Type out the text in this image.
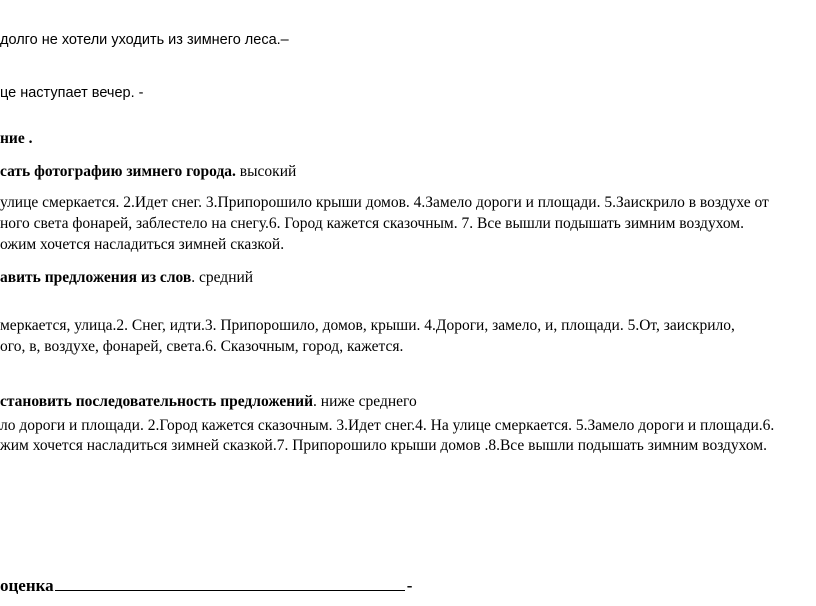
долго не хотели уходить из зимнего леса.–
це наступает вечер. -
ние .
сать фотографию зимнего города. высокий
улице смеркается. 2.Идет снег. 3.Припорошило крыши домов. 4.Замело дороги и площади. 5.Заискрило в воздухе от
ного света фонарей, заблестело на снегу.6. Город кажется сказочным. 7. Все вышли подышать зимним воздухом.
ожим хочется насладиться зимней сказкой.
авить предложения из слов. средний
меркается, улица.2. Снег, идти.3. Припорошило, домов, крыши. 4.Дороги, замело, и, площади. 5.От, заискрило,
ого, в, воздухе, фонарей, света.6. Сказочным, город, кажется.
становить последовательность предложений. ниже среднего
ло дороги и площади. 2.Город кажется сказочным. 3.Идет снег.4. На улице смеркается. 5.Замело дороги и площади.6.
жим хочется насладиться зимней сказкой.7. Припорошило крыши домов .8.Все вышли подышать зимним воздухом.
оценка	-
